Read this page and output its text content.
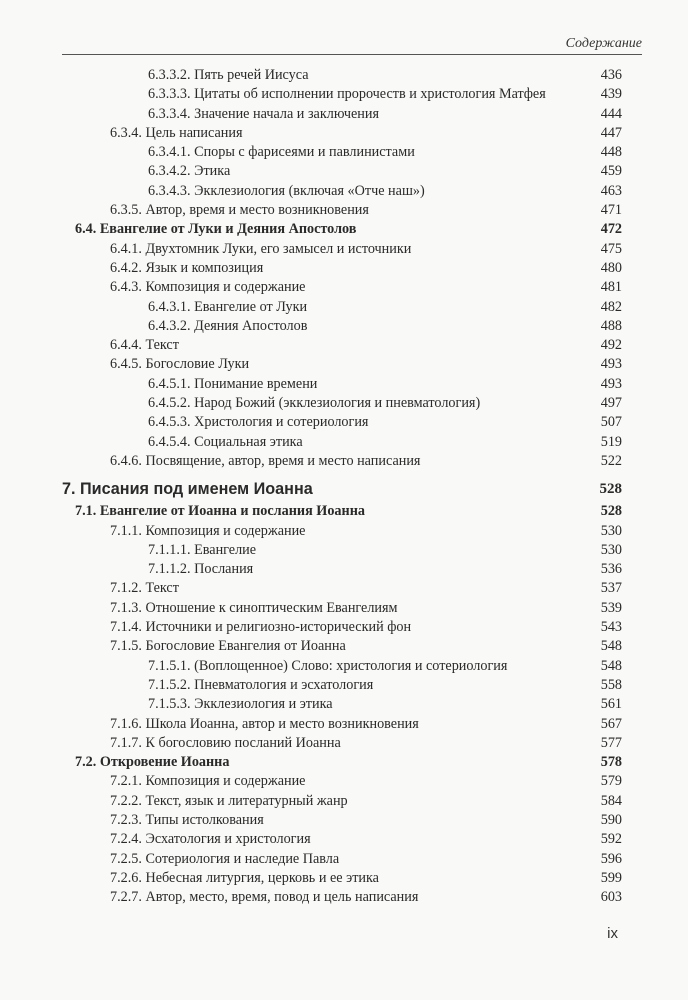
Содержание
6.3.3.2. Пять речей Иисуса	436
6.3.3.3. Цитаты об исполнении пророчеств и христология Матфея	439
6.3.3.4. Значение начала и заключения	444
6.3.4. Цель написания	447
6.3.4.1. Споры с фарисеями и павлинистами	448
6.3.4.2. Этика	459
6.3.4.3. Экклезиология (включая «Отче наш»)	463
6.3.5. Автор, время и место возникновения	471
6.4. Евангелие от Луки и Деяния Апостолов	472
6.4.1. Двухтомник Луки, его замысел и источники	475
6.4.2. Язык и композиция	480
6.4.3. Композиция и содержание	481
6.4.3.1. Евангелие от Луки	482
6.4.3.2. Деяния Апостолов	488
6.4.4. Текст	492
6.4.5. Богословие Луки	493
6.4.5.1. Понимание времени	493
6.4.5.2. Народ Божий (экклезиология и пневматология)	497
6.4.5.3. Христология и сотериология	507
6.4.5.4. Социальная этика	519
6.4.6. Посвящение, автор, время и место написания	522
7. Писания под именем Иоанна	528
7.1. Евангелие от Иоанна и послания Иоанна	528
7.1.1. Композиция и содержание	530
7.1.1.1. Евангелие	530
7.1.1.2. Послания	536
7.1.2. Текст	537
7.1.3. Отношение к синоптическим Евангелиям	539
7.1.4. Источники и религиозно-исторический фон	543
7.1.5. Богословие Евангелия от Иоанна	548
7.1.5.1. (Воплощенное) Слово: христология и сотериология	548
7.1.5.2. Пневматология и эсхатология	558
7.1.5.3. Экклезиология и этика	561
7.1.6. Школа Иоанна, автор и место возникновения	567
7.1.7. К богословию посланий Иоанна	577
7.2. Откровение Иоанна	578
7.2.1. Композиция и содержание	579
7.2.2. Текст, язык и литературный жанр	584
7.2.3. Типы истолкования	590
7.2.4. Эсхатология и христология	592
7.2.5. Сотериология и наследие Павла	596
7.2.6. Небесная литургия, церковь и ее этика	599
7.2.7. Автор, место, время, повод и цель написания	603
ix
